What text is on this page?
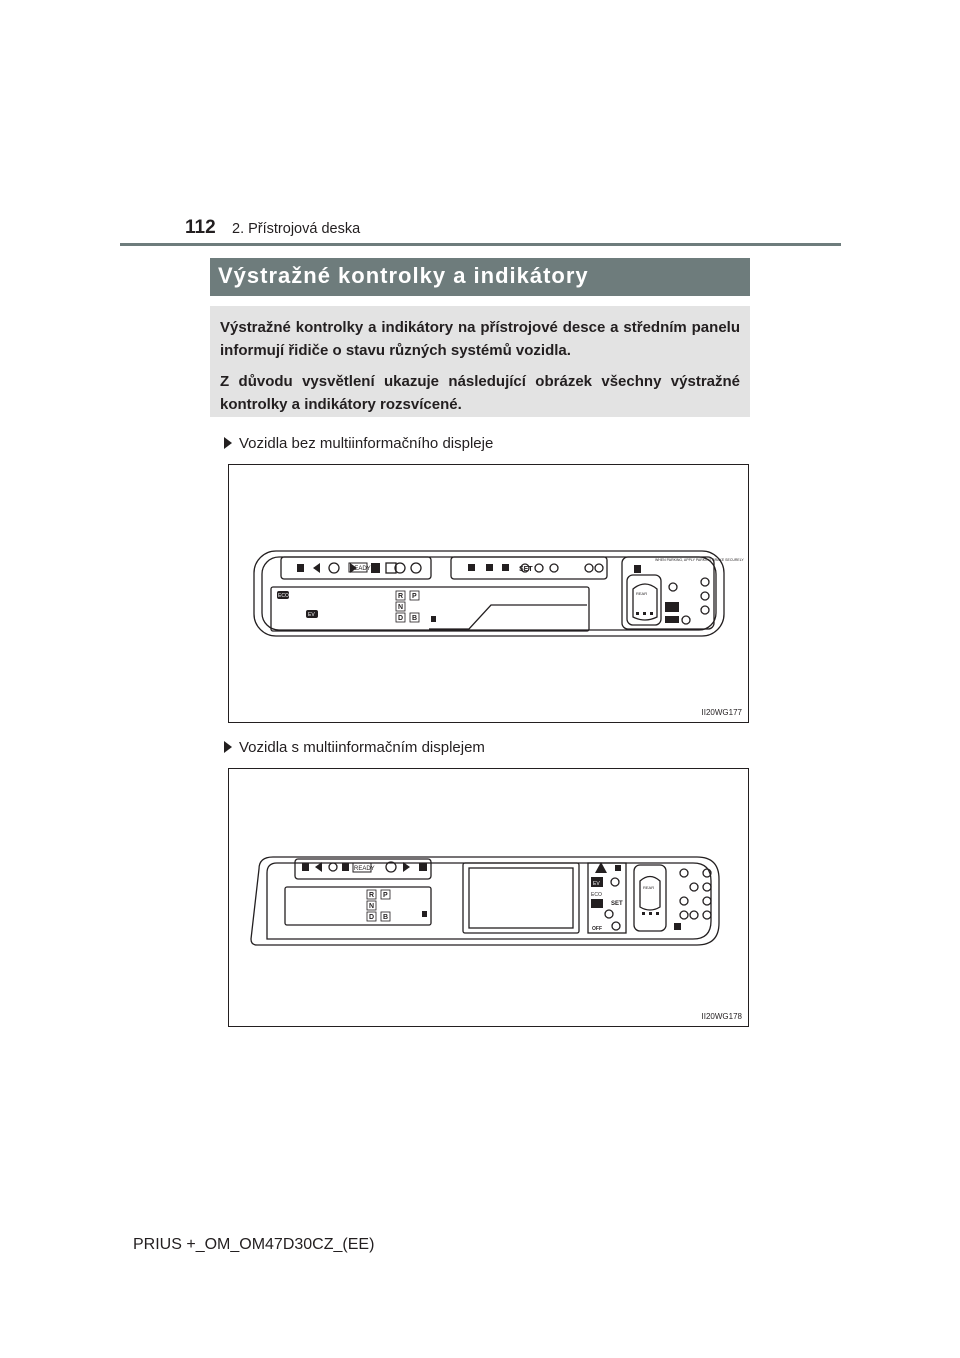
112 2. Přístrojová deska
Výstražné kontrolky a indikátory

Výstražné kontrolky a indikátory na přístrojové desce a středním panelu informují řidiče o stavu různých systémů vozidla.

Z důvodu vysvětlení ukazuje následující obrázek všechny výstražné kontrolky a indikátory rozsvícené.

Vozidla bez multiinformačního displeje
READY	SET
ECO
EV
REAR
WHEN PARKING, APPLY PARKING BRAKE SECURELY
R P
N
D B
II20WG177
Vozidla s multiinformačním displejem
READY
SET
EV
ECO
REAR
OFF
R P
N
D B
II20WG178
PRIUS +_OM_OM47D30CZ_(EE)
